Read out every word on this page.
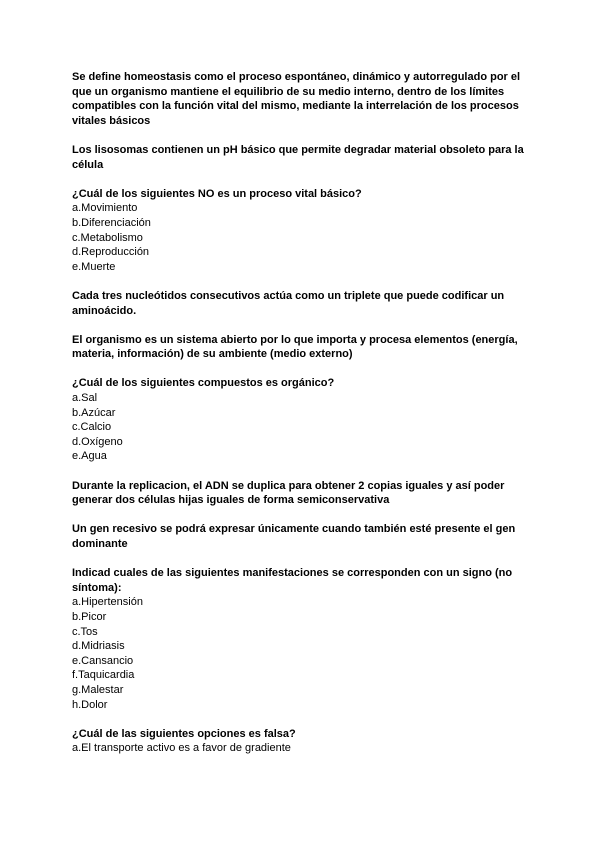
Se define homeostasis como el proceso espontáneo, dinámico y autorregulado por el que un organismo mantiene el equilibrio de su medio interno, dentro de los límites compatibles con la función vital del mismo, mediante la interrelación de los procesos vitales básicos

Los lisosomas contienen un pH básico que permite degradar material obsoleto para la célula

¿Cuál de los siguientes NO es un proceso vital básico?

a.Movimiento
b.Diferenciación
c.Metabolismo
d.Reproducción
e.Muerte

Cada tres nucleótidos consecutivos actúa como un triplete que puede codificar un aminoácido.

El organismo es un sistema abierto por lo que importa y procesa elementos (energía, materia, información) de su ambiente (medio externo)

¿Cuál de los siguientes compuestos es orgánico?

a.Sal
b.Azúcar
c.Calcio
d.Oxígeno
e.Agua

Durante la replicacion, el ADN se duplica para obtener 2 copias iguales y así poder generar dos células hijas iguales de forma semiconservativa

Un gen recesivo se podrá expresar únicamente cuando también esté presente el gen dominante

Indicad cuales de las siguientes manifestaciones se corresponden con un signo (no síntoma):

a.Hipertensión
b.Picor
c.Tos
d.Midriasis
e.Cansancio
f.Taquicardia
g.Malestar
h.Dolor

¿Cuál de las siguientes opciones es falsa?

a.El transporte activo es a favor de gradiente
